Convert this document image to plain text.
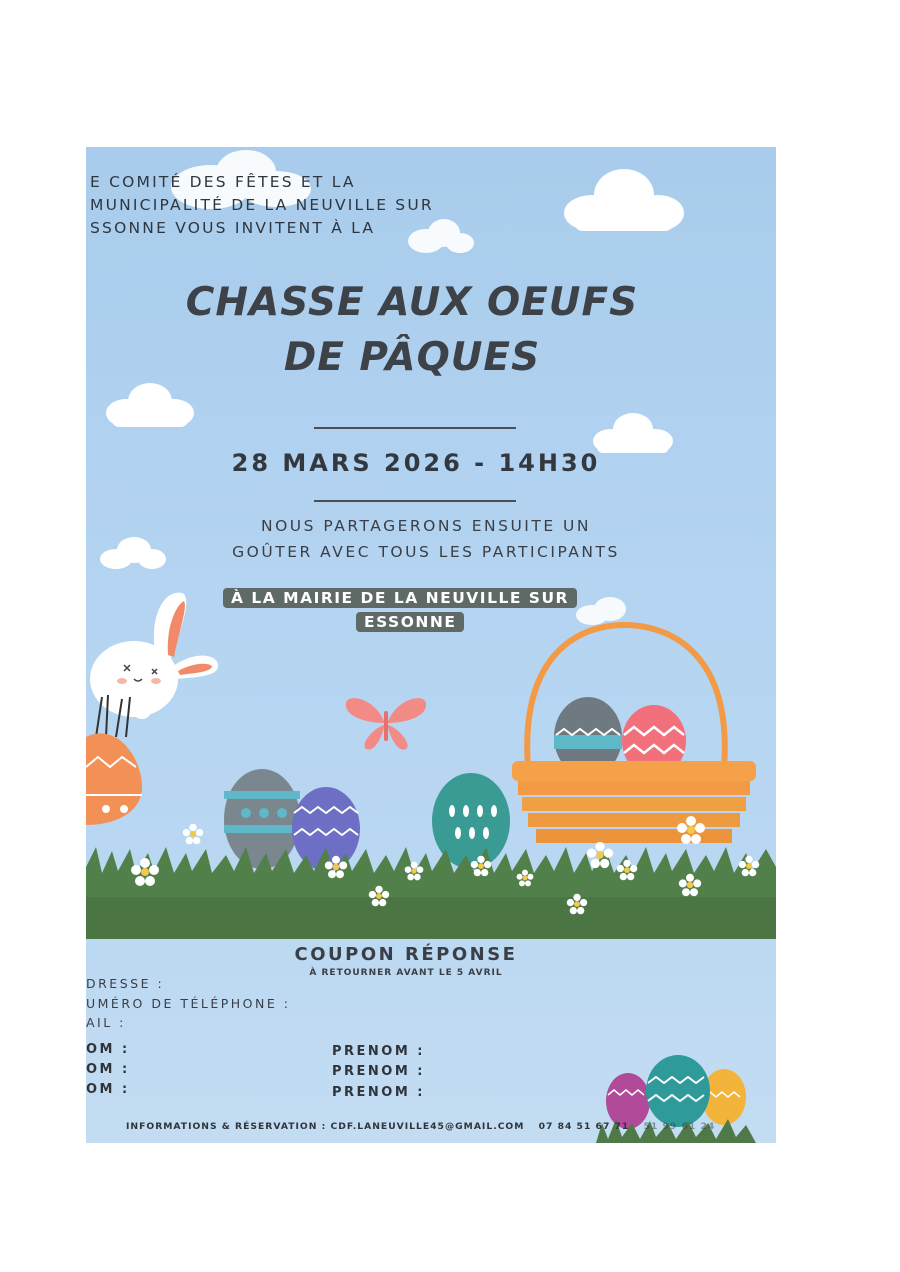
E COMITÉ DES FÊTES ET LA
MUNICIPALITÉ DE LA NEUVILLE SUR
SSONNE VOUS INVITENT À LA
CHASSE AUX OEUFS
DE PÂQUES
28 MARS 2026 - 14H30
NOUS PARTAGERONS ENSUITE UN
GOÛTER AVEC TOUS LES PARTICIPANTS
À LA MAIRIE DE LA NEUVILLE SUR
ESSONNE
COUPON RÉPONSE
À RETOURNER AVANT LE 5 AVRIL
DRESSE :
UMÉRO DE TÉLÉPHONE :
AIL :
OM :
OM :
OM :
PRENOM :
PRENOM :
PRENOM :
INFORMATIONS & RÉSERVATION : CDF.LANEUVILLE45@GMAIL.COM 07 84 51 67 71 51 99 61 24
